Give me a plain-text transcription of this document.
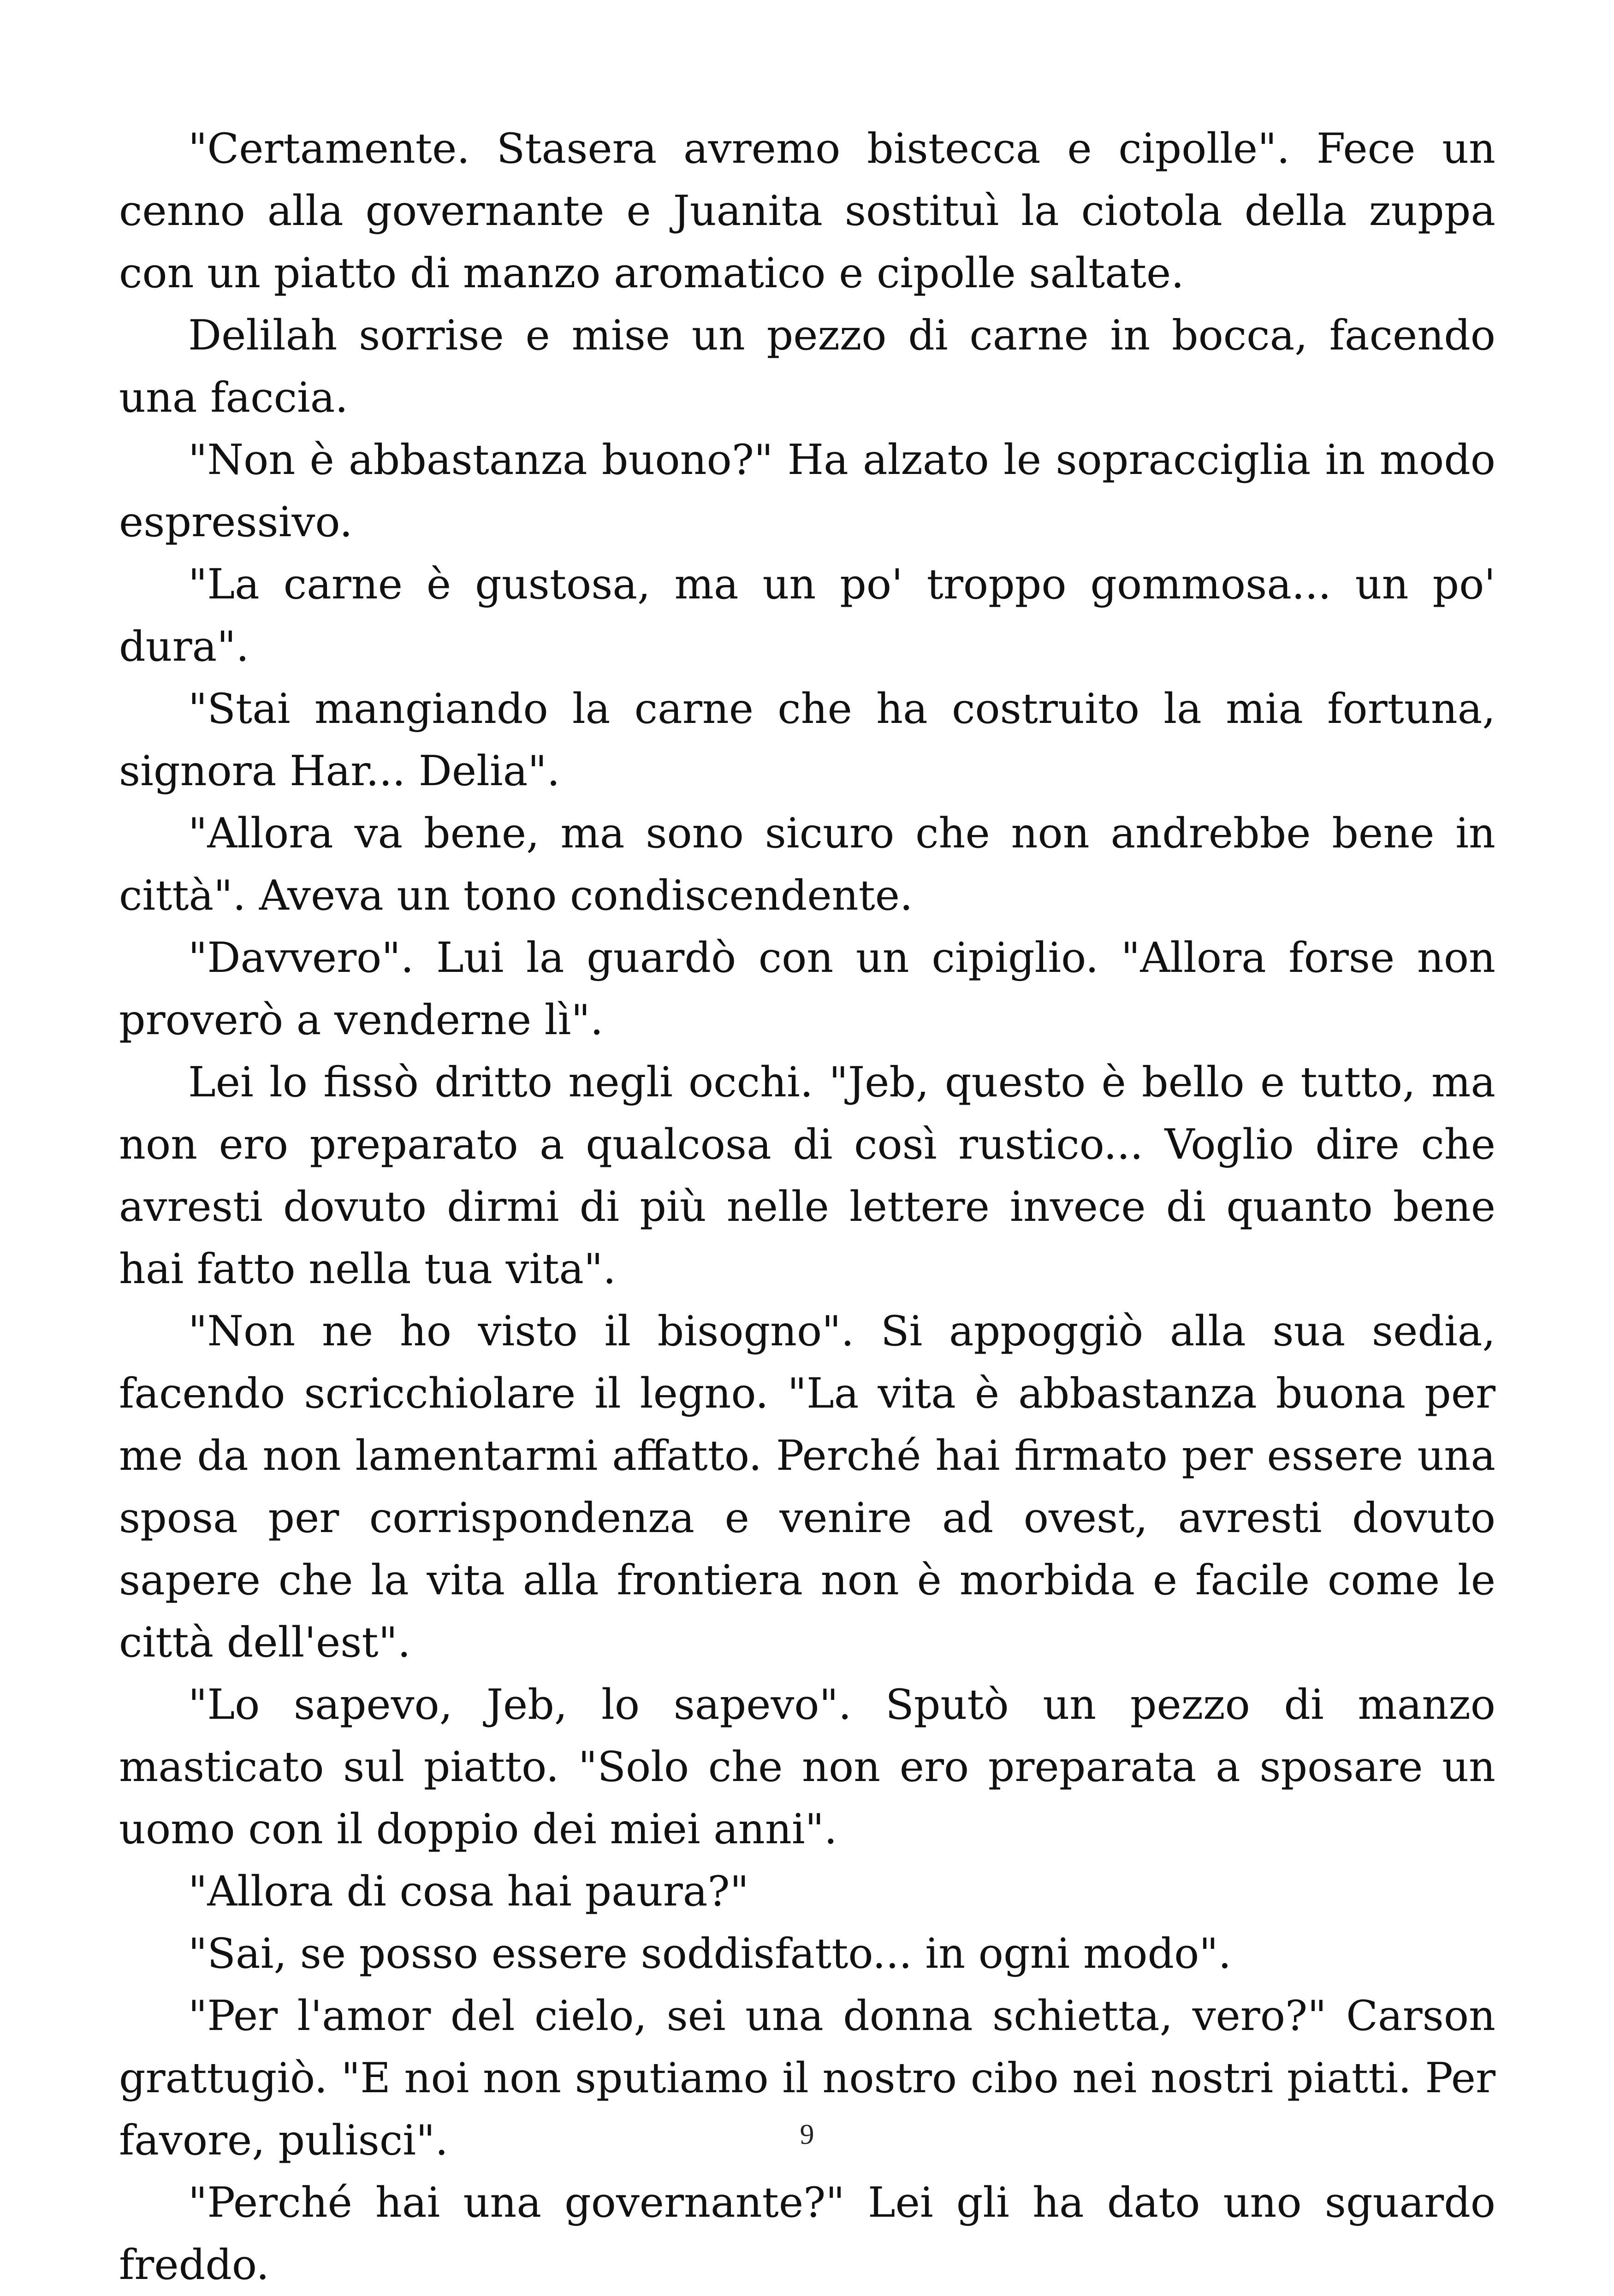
"Certamente. Stasera avremo bistecca e cipolle". Fece un cenno alla governante e Juanita sostituì la ciotola della zuppa con un piatto di manzo aromatico e cipolle saltate.

Delilah sorrise e mise un pezzo di carne in bocca, facendo una faccia.

"Non è abbastanza buono?" Ha alzato le sopracciglia in modo espressivo.

"La carne è gustosa, ma un po' troppo gommosa... un po' dura".

"Stai mangiando la carne che ha costruito la mia fortuna, signora Har... Delia".

"Allora va bene, ma sono sicuro che non andrebbe bene in città". Aveva un tono condiscendente.

"Davvero". Lui la guardò con un cipiglio. "Allora forse non proverò a venderne lì".

Lei lo fissò dritto negli occhi. "Jeb, questo è bello e tutto, ma non ero preparato a qualcosa di così rustico... Voglio dire che avresti dovuto dirmi di più nelle lettere invece di quanto bene hai fatto nella tua vita".

"Non ne ho visto il bisogno". Si appoggiò alla sua sedia, facendo scricchiolare il legno. "La vita è abbastanza buona per me da non lamentarmi affatto. Perché hai firmato per essere una sposa per corrispondenza e venire ad ovest, avresti dovuto sapere che la vita alla frontiera non è morbida e facile come le città dell'est".

"Lo sapevo, Jeb, lo sapevo". Sputò un pezzo di manzo masticato sul piatto. "Solo che non ero preparata a sposare un uomo con il doppio dei miei anni".

"Allora di cosa hai paura?"

"Sai, se posso essere soddisfatto... in ogni modo".

"Per l'amor del cielo, sei una donna schietta, vero?" Carson grattugiò. "E noi non sputiamo il nostro cibo nei nostri piatti. Per favore, pulisci".

"Perché hai una governante?" Lei gli ha dato uno sguardo freddo.

9
